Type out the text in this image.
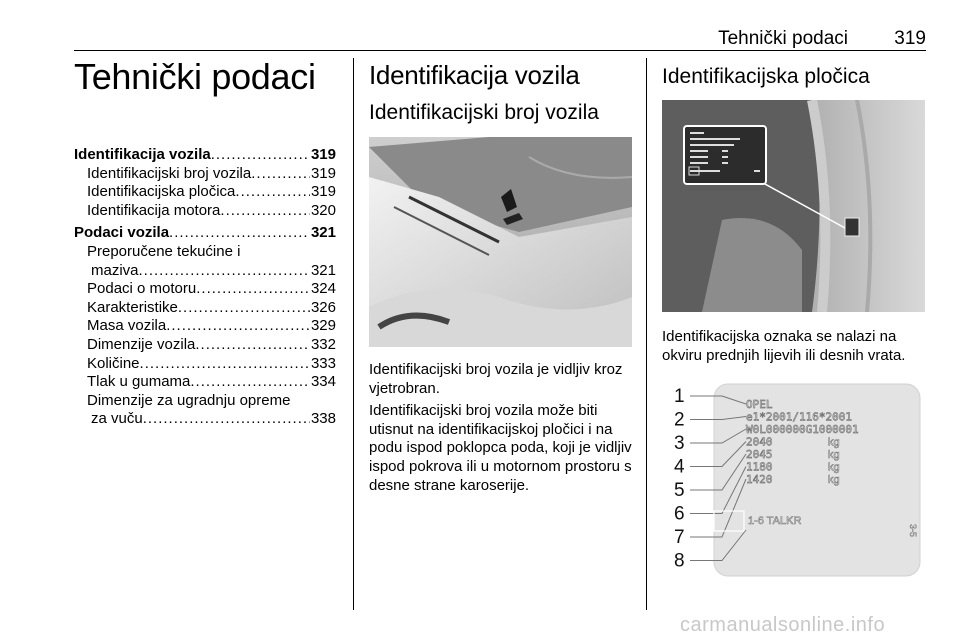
Tehnički podaci 319
Tehnički podaci
Identifikacija vozila .....	319
Identifikacijski broj vozila .....	319
Identifikacijska pločica .....	319
Identifikacija motora .....	320
Podaci vozila .....	321
Preporučene tekućine i
maziva .....	321
Podaci o motoru .....	324
Karakteristike .....	326
Masa vozila .....	329
Dimenzije vozila .....	332
Količine .....	333
Tlak u gumama .....	334
Dimenzije za ugradnju opreme
za vuču .....	338
Identifikacija vozila
Identifikacijski broj vozila

Identifikacijski broj vozila je vidljiv kroz vjetrobran.

Identifikacijski broj vozila može biti utisnut na identifikacijskoj pločici i na podu ispod poklopca poda, koji je vidljiv ispod pokrova ili u motornom prostoru s desne strane karoserije.

Identifikacijska pločica

Identifikacijska oznaka se nalazi na okviru prednjih lijevih ili desnih vrata.

1
2
3
4
5
6
7
8
OPEL
e1*2001/116*2001
W0L000000G1000001
2040
2045
1180
1420
kg
kg
kg
kg
1-6 TALKR
3-5
carmanualsonline.info
